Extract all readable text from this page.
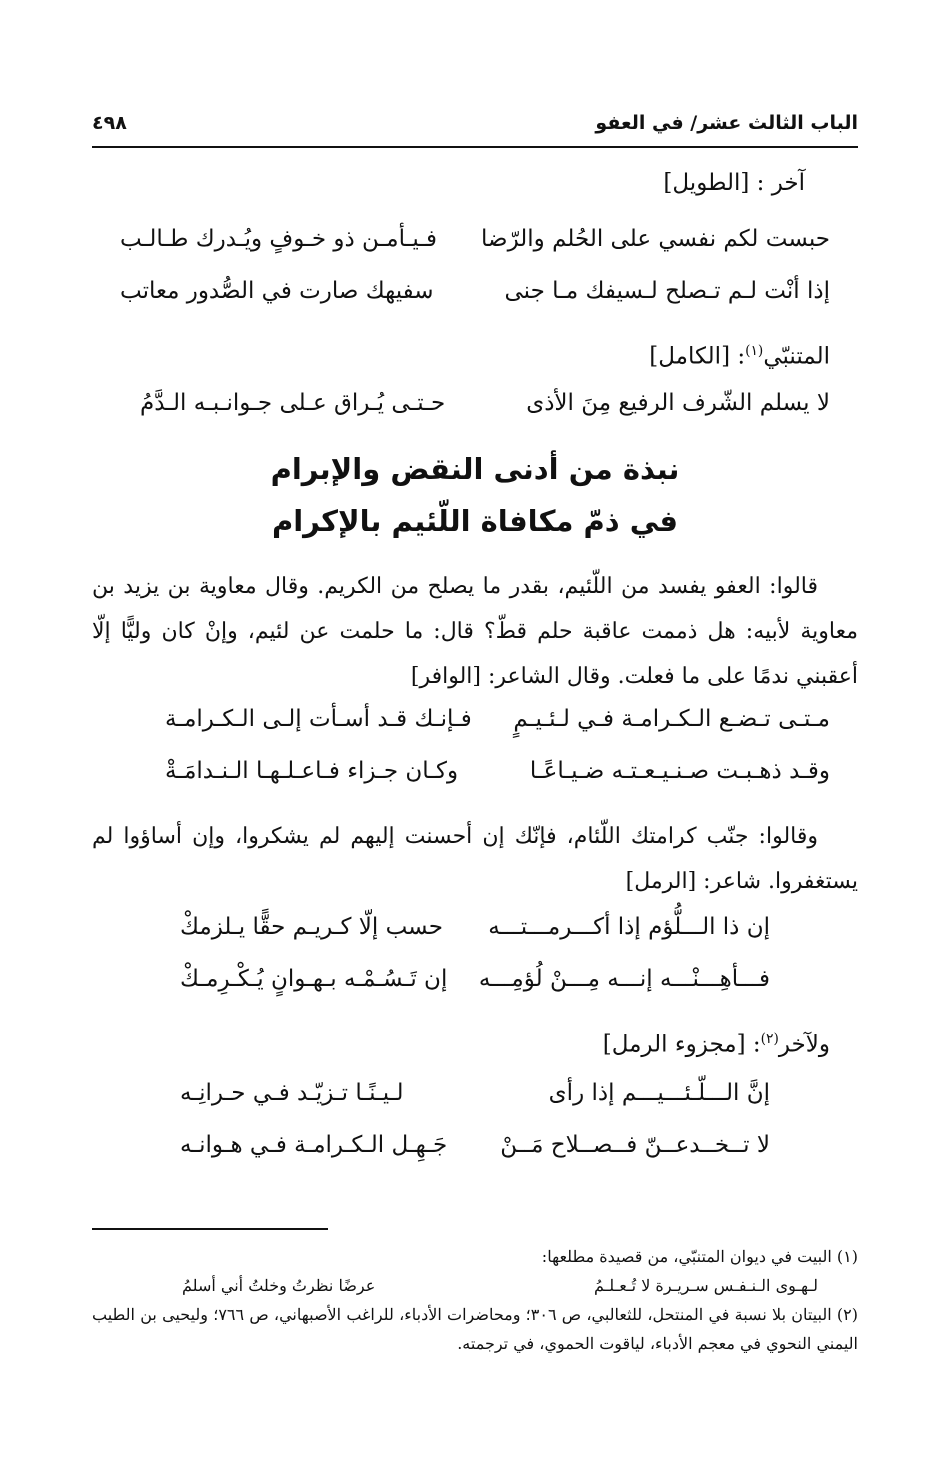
الباب الثالث عشر/ في العفو
٤٩٨
آخر : [الطويل]
حبست لكم نفسي على الحُلم والرّضا
فـيـأمـن ذو خـوفٍ ويُـدرك طـالـب
إذا أنْت لـم تـصلح لـسيفك مـا جنى
سفيهك صارت في الصُّدور معاتب
المتنبّي$^{(١)}$: [الكامل]
لا يسلم الشّرف الرفيع مِنَ الأذى
حـتـى يُـراق عـلى جـوانـبـه الـدَّمُ
نبذة من أدنى النقض والإبرام
في ذمّ مكافاة اللّئيم بالإكرام

قالوا: العفو يفسد من اللّئيم، بقدر ما يصلح من الكريم. وقال معاوية بن يزيد بن معاوية لأبيه: هل ذممت عاقبة حلم قطّ؟ قال: ما حلمت عن لئيم، وإنْ كان وليًّا إلّا أعقبني ندمًا على ما فعلت. وقال الشاعر: [الوافر]

مـتـى تـضـع الـكـرامـة فـي لـئـيـمٍ
فـإنـك قـد أسـأت إلـى الـكـرامـة
وقـد ذهـبـت صـنـيـعـتـه ضـيـاعًـا
وكـان جـزاء فـاعـلـهـا الـنـدامَـةْ

وقالوا: جنّب كرامتك اللّئام، فإنّك إن أحسنت إليهم لم يشكروا، وإن أساؤوا لم يستغفروا. شاعر: [الرمل]

إن ذا الـــلُّؤم إذا أكـــرمـــتـــه
حسب إلّا كـريـم حقًّا يـلزمكْ
فـــأهِـــنْـــه إنـــه مِـــنْ لُؤمِـــه
إن تَـسُـمْـه بـهـوانٍ يُـكْـرِمـكْ
ولآخر$^{(٢)}$: [مجزوء الرمل]
إنَّ الـــلّـئـــيـــم إذا رأى
لـيـنًـا تـزيّـد فـي حـرانِـه
لا تــخــدعــنّ فــصــلاح مَــنْ
جَـهِـل الـكـرامـة فـي هـوانـه
(١) البيت في ديوان المتنبّي، من قصيدة مطلعها:
لـهـوى الـنـفـس سـريـرة لا تُـعـلـمُ
عرضًا نظرتُ وخلتُ أني أسلمُ
(٢) البيتان بلا نسبة في المنتحل، للثعالبي، ص ٣٠٦؛ ومحاضرات الأدباء، للراغب الأصبهاني، ص ٧٦٦؛ وليحيى بن الطيب اليمني النحوي في معجم الأدباء، لياقوت الحموي، في ترجمته.
